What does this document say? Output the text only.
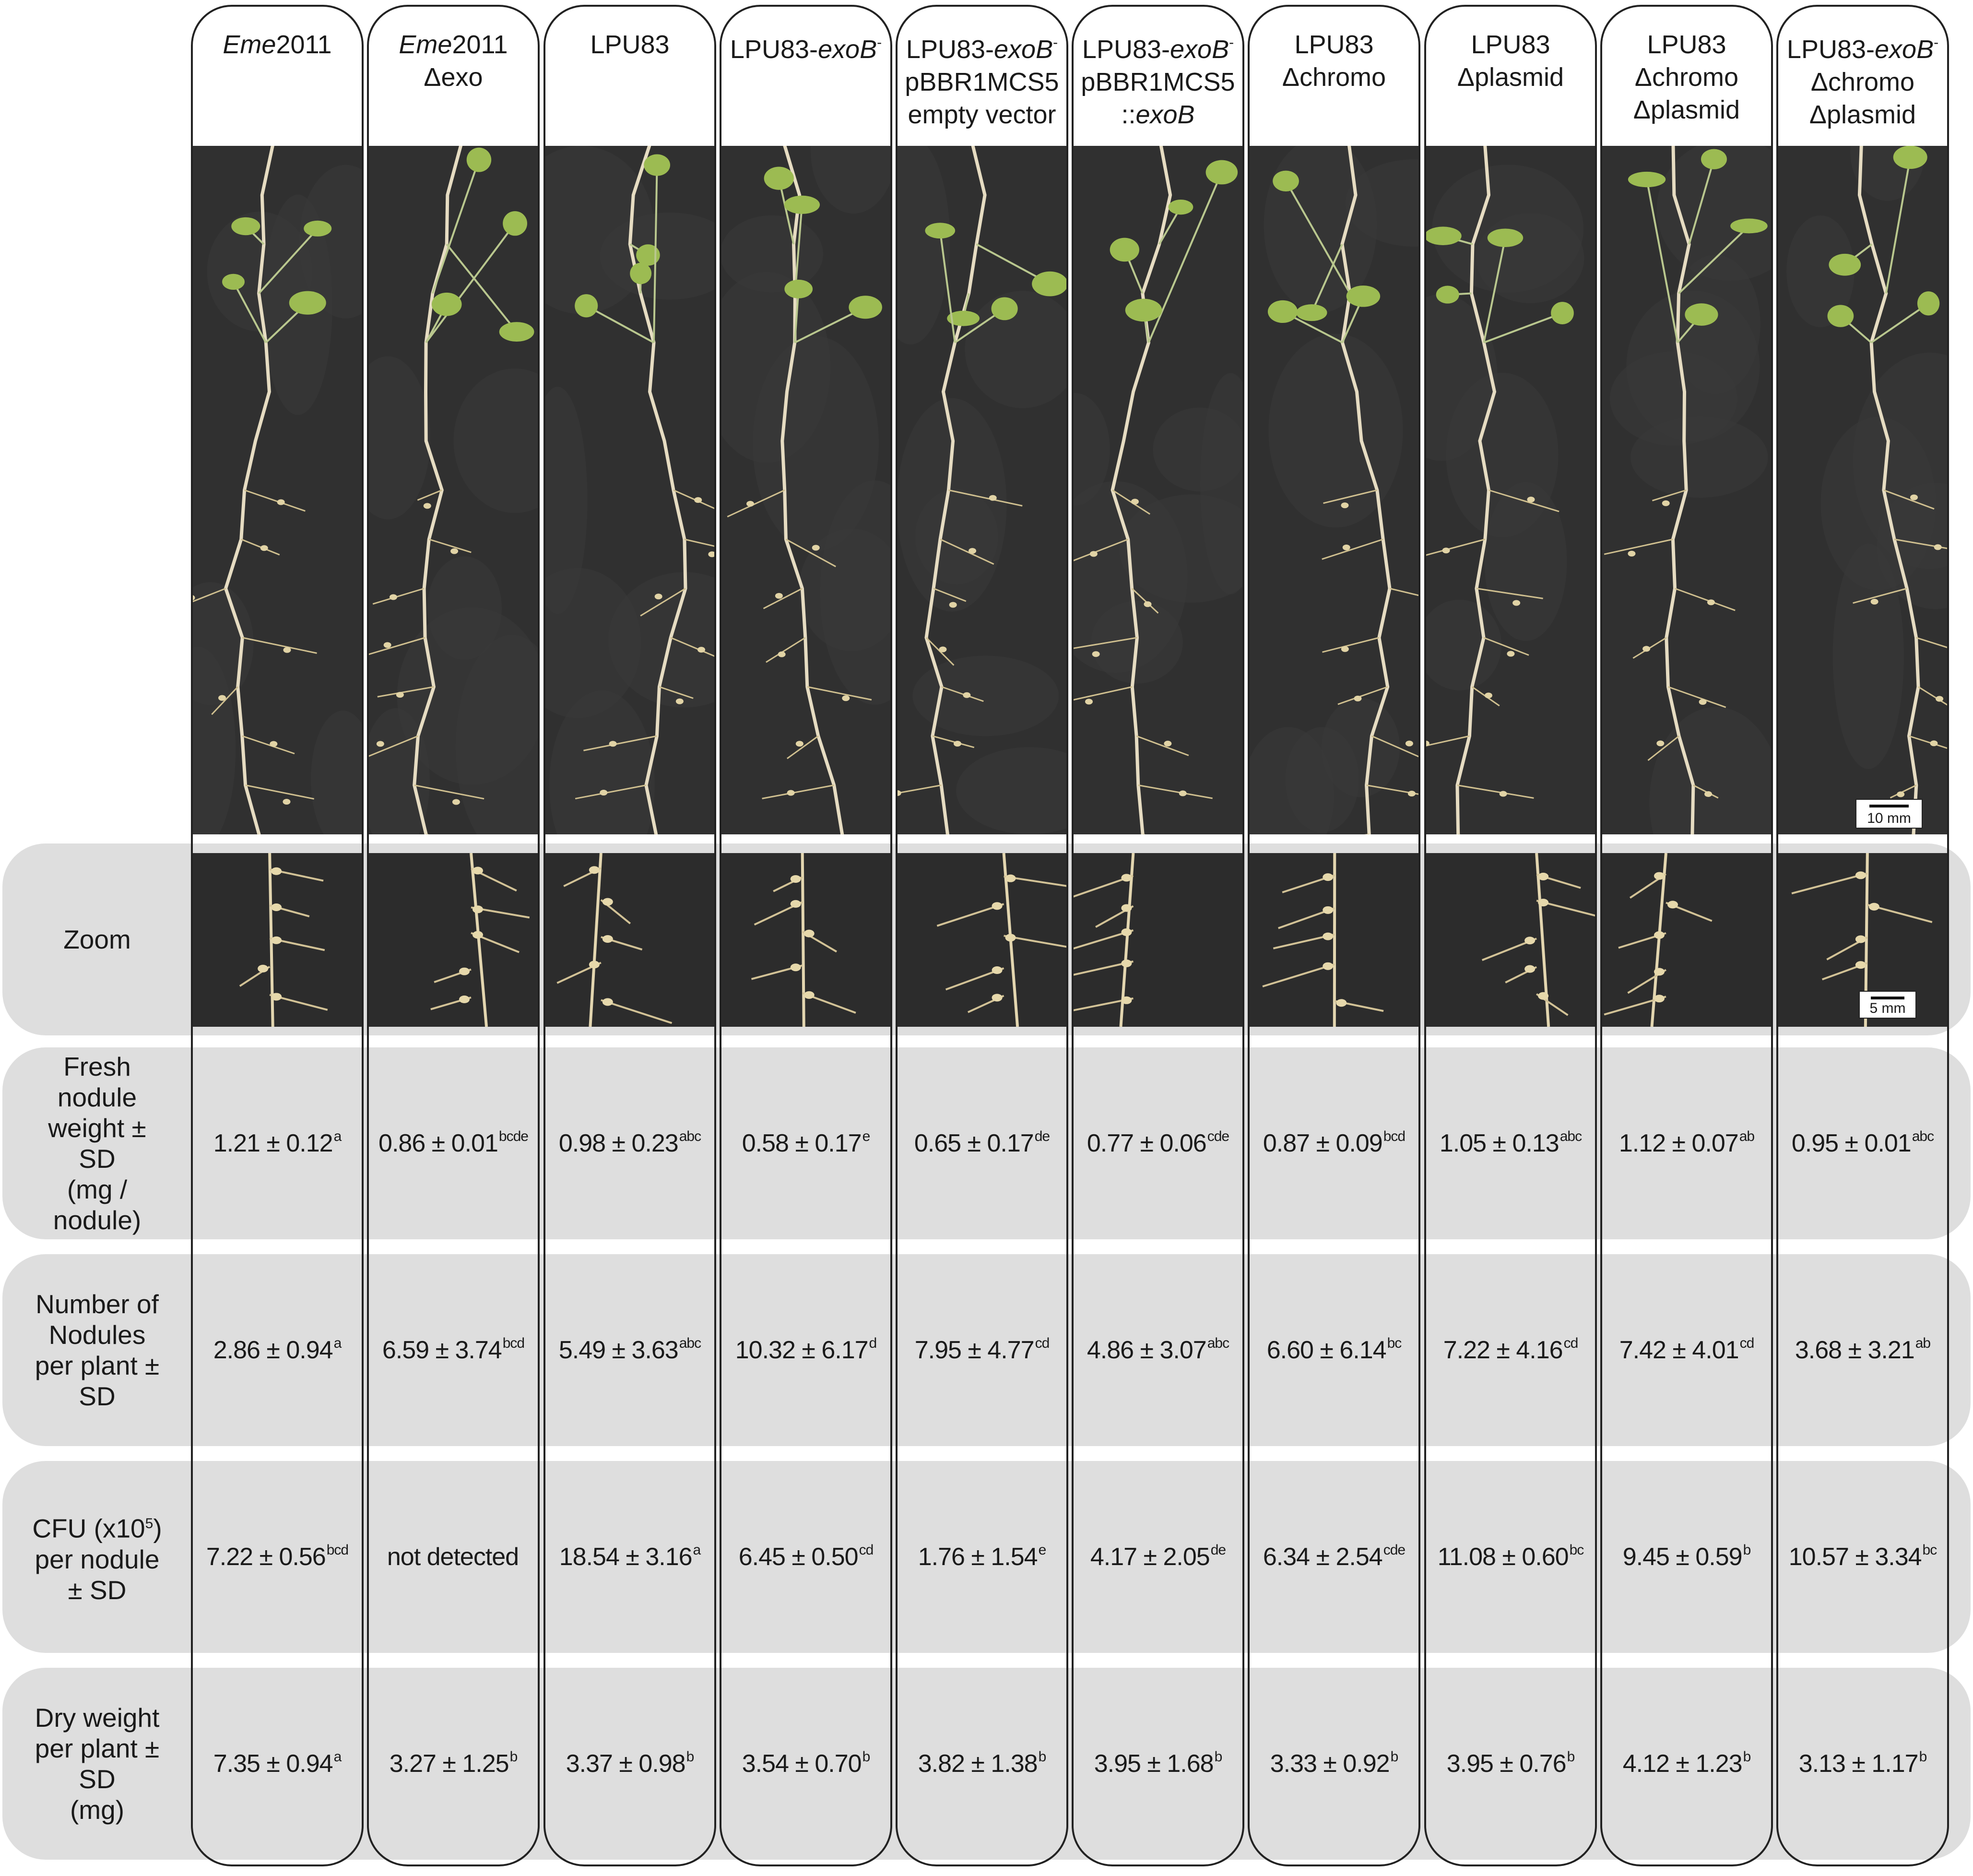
Zoom
Fresh
nodule
weight ±
SD
(mg /
nodule)
Number of
Nodules
per plant ±
SD
CFU $(x10^5)$
per nodule
± SD
Dry weight
per plant ±
SD
(mg)
Eme2011
1.21 ± 0.12$^a$
2.86 ± 0.94$^a$
7.22 ± 0.56$^{bcd}$
7.35 ± 0.94$^a$
Eme2011
Δexo
$0.86 \pm 0.01^{bcde}$
6.59 ± 3.74$^{bcd}$
not detected
3.27 ± 1.25$^b$
LPU83
0.98 ± 0.23$^{abc}$
5.49 ± 3.63$^{abc}$
18.54 ± 3.16$^a$
3.37 ± 0.98$^b$
LPU83-exoB-
0.58 ± 0.17$^e$
10.32 ± 6.17$^d$
6.45 ± 0.50$^{cd}$
3.54 ± 0.70$^b$
LPU83-exoB-
pBBR1MCS5
empty vector
0.65 ± 0.17de
7.95 ± 4.77$^{cd}$
1.76 ± 1.54$^e$
3.82 ± 1.38$^b$
LPU83-exoB-
pBBR1MCS5
::exoB
0.77 ± 0.06$^{cde}$
4.86 ± 3.07$^{abc}$
4.17 ± 2.05de
3.95 ± 1.68$^b$
LPU83
Δchromo
0.87 ± 0.09$^{bcd}$
6.60 ± 6.14$^{bc}$
6.34 ± 2.54$^{cde}$
3.33 ± 0.92$^b$
LPU83
Δplasmid
1.05 ± 0.13$^{abc}$
7.22 ± 4.16$^{cd}$
11.08 ± 0.60$^{bc}$
3.95 ± 0.76$^b$
LPU83
Δchromo
Δplasmid
1.12 ± 0.07$^{ab}$
7.42 ± 4.01$^{cd}$
9.45 ± 0.59$^b$
4.12 ± 1.23$^b$
LPU83-exoB-
Δchromo
Δplasmid
0.95 ± 0.01$^{abc}$
3.68 ± 3.21$^{ab}$
10.57 ± 3.34$^{bc}$
3.13 ± 1.17$^b$
10 mm
5 mm
